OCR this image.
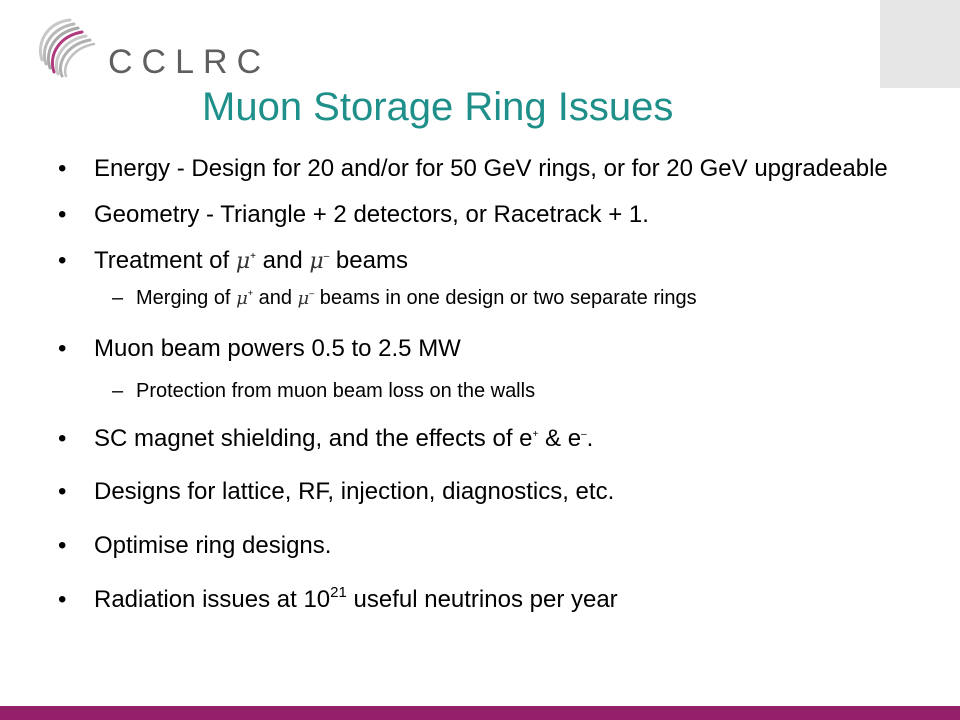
CCLRC
Muon Storage Ring Issues
• Energy - Design for 20 and/or for 50 GeV rings, or for 20 GeV upgradeable
• Geometry - Triangle + 2 detectors, or Racetrack + 1.
• Treatment of μ+ and μ– beams
– Merging of μ+ and μ– beams in one design or two separate rings
• Muon beam powers 0.5 to 2.5 MW
– Protection from muon beam loss on the walls
• SC magnet shielding, and the effects of e+ & e–.
• Designs for lattice, RF, injection, diagnostics, etc.
• Optimise ring designs.
• Radiation issues at $10^{21}$ useful neutrinos per year
